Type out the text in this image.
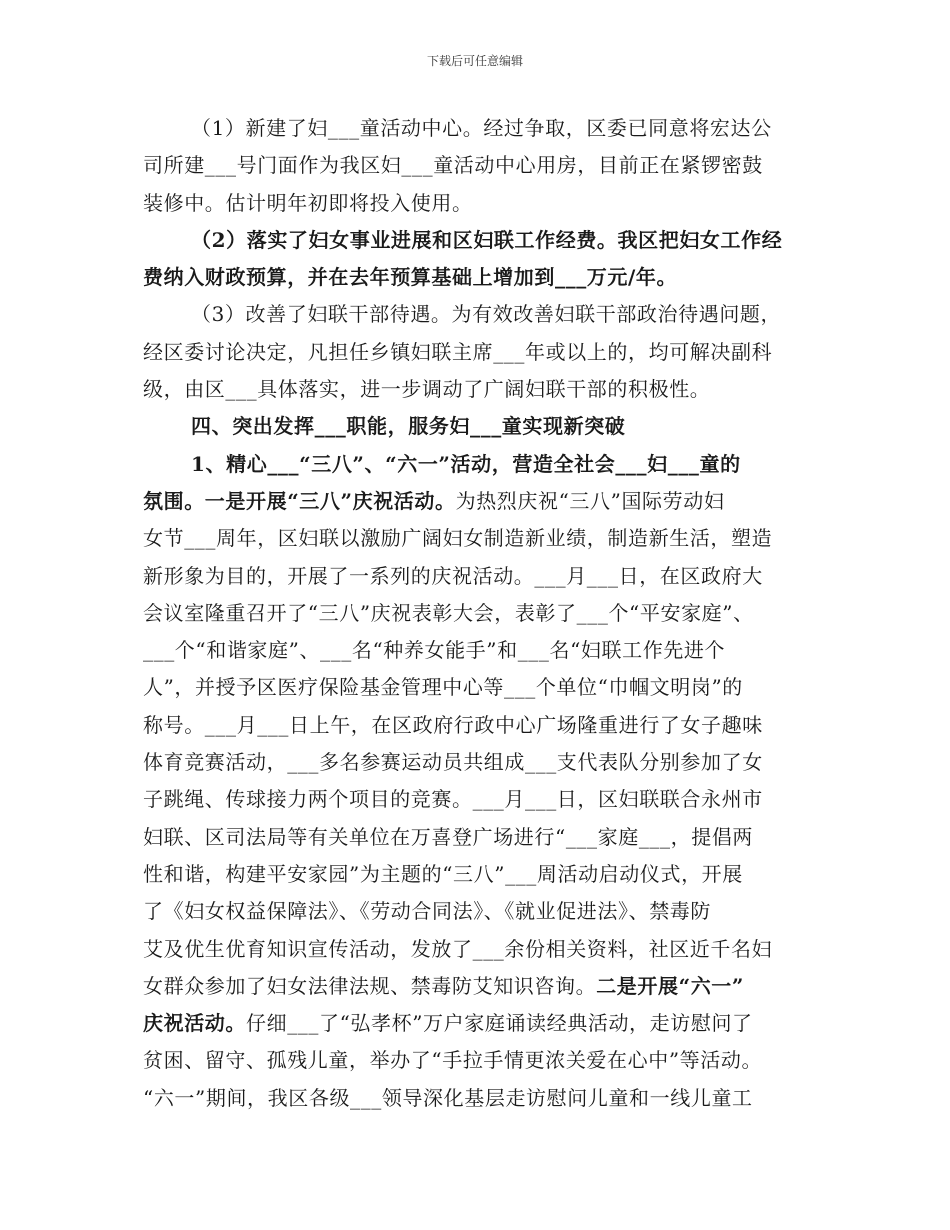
下载后可任意编辑
（1）新建了妇___童活动中心。经过争取，区委已同意将宏达公
司所建___号门面作为我区妇___童活动中心用房，目前正在紧锣密鼓
装修中。估计明年初即将投入使用。
（2）落实了妇女事业进展和区妇联工作经费。我区把妇女工作经
费纳入财政预算，并在去年预算基础上增加到___万元/年。
（3）改善了妇联干部待遇。为有效改善妇联干部政治待遇问题，
经区委讨论决定，凡担任乡镇妇联主席___年或以上的，均可解决副科
级，由区___具体落实，进一步调动了广阔妇联干部的积极性。
四、突出发挥___职能，服务妇___童实现新突破
1、精心___“三八”、“六一”活动，营造全社会___妇___童的
氛围。一是开展“三八”庆祝活动。为热烈庆祝“三八”国际劳动妇
女节___周年，区妇联以激励广阔妇女制造新业绩，制造新生活，塑造
新形象为目的，开展了一系列的庆祝活动。___月___日，在区政府大
会议室隆重召开了“三八”庆祝表彰大会，表彰了___个“平安家庭”、
___个“和谐家庭”、___名“种养女能手”和___名“妇联工作先进个
人”，并授予区医疗保险基金管理中心等___个单位“巾帼文明岗”的
称号。___月___日上午，在区政府行政中心广场隆重进行了女子趣味
体育竞赛活动，___多名参赛运动员共组成___支代表队分别参加了女
子跳绳、传球接力两个项目的竞赛。___月___日，区妇联联合永州市
妇联、区司法局等有关单位在万喜登广场进行“___家庭___，提倡两
性和谐，构建平安家园”为主题的“三八”___周活动启动仪式，开展
了《妇女权益保障法》、《劳动合同法》、《就业促进法》、禁毒防
艾及优生优育知识宣传活动，发放了___余份相关资料，社区近千名妇
女群众参加了妇女法律法规、禁毒防艾知识咨询。二是开展“六一”
庆祝活动。仔细___了“弘孝杯”万户家庭诵读经典活动，走访慰问了
贫困、留守、孤残儿童，举办了“手拉手情更浓关爱在心中”等活动。
“六一”期间，我区各级___领导深化基层走访慰问儿童和一线儿童工
